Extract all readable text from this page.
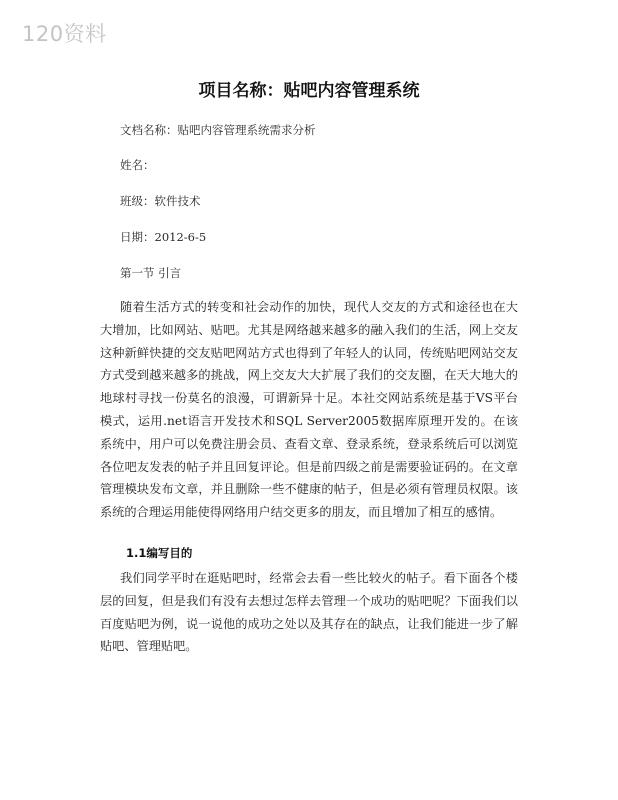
120资料
项目名称：贴吧内容管理系统
文档名称：贴吧内容管理系统需求分析
姓名：
班级：软件技术
日期：2012-6-5
第一节 引言

随着生活方式的转变和社会动作的加快，现代人交友的方式和途径也在大大增加，比如网站、贴吧。尤其是网络越来越多的融入我们的生活，网上交友这种新鲜快捷的交友贴吧网站方式也得到了年轻人的认同，传统贴吧网站交友方式受到越来越多的挑战，网上交友大大扩展了我们的交友圈，在天大地大的地球村寻找一份莫名的浪漫，可谓新异十足。本社交网站系统是基于VS平台模式，运用.net语言开发技术和SQL Server2005数据库原理开发的。在该系统中，用户可以免费注册会员、查看文章、登录系统，登录系统后可以浏览各位吧友发表的帖子并且回复评论。但是前四级之前是需要验证码的。在文章管理模块发布文章，并且删除一些不健康的帖子，但是必须有管理员权限。该系统的合理运用能使得网络用户结交更多的朋友，而且增加了相互的感情。

1.1编写目的

我们同学平时在逛贴吧时，经常会去看一些比较火的帖子。看下面各个楼层的回复，但是我们有没有去想过怎样去管理一个成功的贴吧呢？下面我们以百度贴吧为例，说一说他的成功之处以及其存在的缺点，让我们能进一步了解贴吧、管理贴吧。
